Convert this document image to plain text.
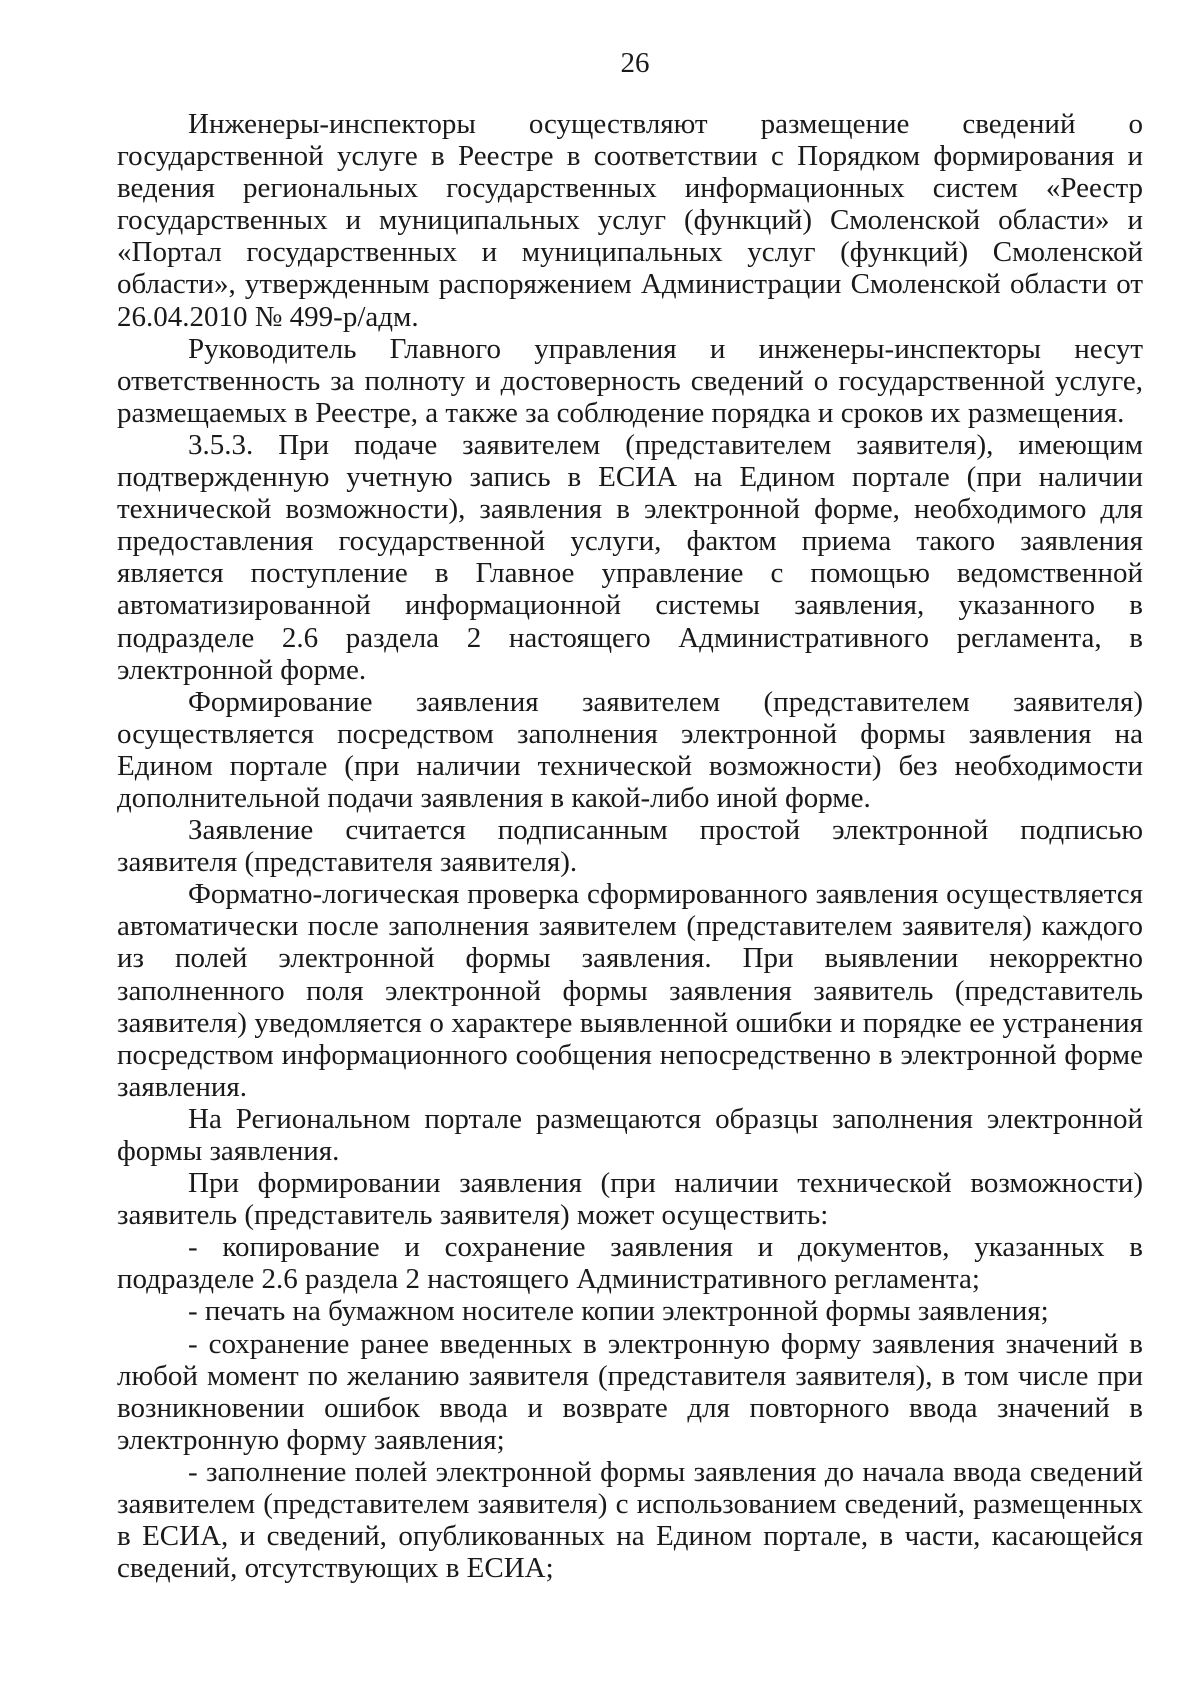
26

Инженеры-инспекторы осуществляют размещение сведений о государственной услуге в Реестре в соответствии с Порядком формирования и ведения региональных государственных информационных систем «Реестр государственных и муниципальных услуг (функций) Смоленской области» и «Портал государственных и муниципальных услуг (функций) Смоленской области», утвержденным распоряжением Администрации Смоленской области от 26.04.2010 № 499-р/адм.

Руководитель Главного управления и инженеры-инспекторы несут ответственность за полноту и достоверность сведений о государственной услуге, размещаемых в Реестре, а также за соблюдение порядка и сроков их размещения.

3.5.3. При подаче заявителем (представителем заявителя), имеющим подтвержденную учетную запись в ЕСИА на Едином портале (при наличии технической возможности), заявления в электронной форме, необходимого для предоставления государственной услуги, фактом приема такого заявления является поступление в Главное управление с помощью ведомственной автоматизированной информационной системы заявления, указанного в подразделе 2.6 раздела 2 настоящего Административного регламента, в электронной форме.

Формирование заявления заявителем (представителем заявителя) осуществляется посредством заполнения электронной формы заявления на Едином портале (при наличии технической возможности) без необходимости дополнительной подачи заявления в какой-либо иной форме.

Заявление считается подписанным простой электронной подписью заявителя (представителя заявителя).

Форматно-логическая проверка сформированного заявления осуществляется автоматически после заполнения заявителем (представителем заявителя) каждого из полей электронной формы заявления. При выявлении некорректно заполненного поля электронной формы заявления заявитель (представитель заявителя) уведомляется о характере выявленной ошибки и порядке ее устранения посредством информационного сообщения непосредственно в электронной форме заявления.

На Региональном портале размещаются образцы заполнения электронной формы заявления.

При формировании заявления (при наличии технической возможности) заявитель (представитель заявителя) может осуществить:

- копирование и сохранение заявления и документов, указанных в подразделе 2.6 раздела 2 настоящего Административного регламента;

- печать на бумажном носителе копии электронной формы заявления;

- сохранение ранее введенных в электронную форму заявления значений в любой момент по желанию заявителя (представителя заявителя), в том числе при возникновении ошибок ввода и возврате для повторного ввода значений в электронную форму заявления;

- заполнение полей электронной формы заявления до начала ввода сведений заявителем (представителем заявителя) с использованием сведений, размещенных в ЕСИА, и сведений, опубликованных на Едином портале, в части, касающейся сведений, отсутствующих в ЕСИА;
